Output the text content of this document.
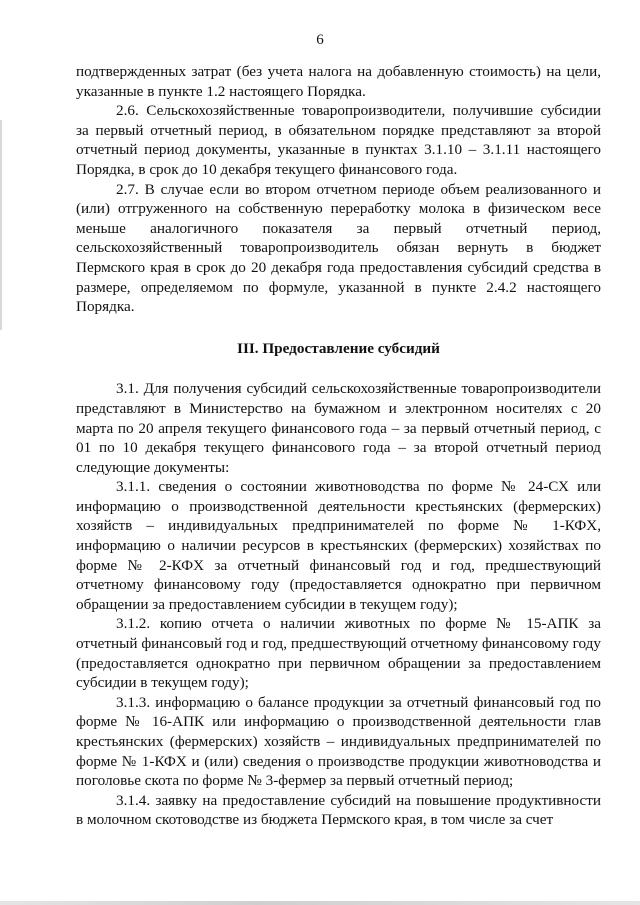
6

подтвержденных затрат (без учета налога на добавленную стоимость) на цели, указанные в пункте 1.2 настоящего Порядка.

2.6. Сельскохозяйственные товаропроизводители, получившие субсидии за первый отчетный период, в обязательном порядке представляют за второй отчетный период документы, указанные в пунктах 3.1.10 – 3.1.11 настоящего Порядка, в срок до 10 декабря текущего финансового года.

2.7. В случае если во втором отчетном периоде объем реализованного и (или) отгруженного на собственную переработку молока в физическом весе меньше аналогичного показателя за первый отчетный период, сельскохозяйственный товаропроизводитель обязан вернуть в бюджет Пермского края в срок до 20 декабря года предоставления субсидий средства в размере, определяемом по формуле, указанной в пункте 2.4.2 настоящего Порядка.

III. Предоставление субсидий

3.1. Для получения субсидий сельскохозяйственные товаропроизводители представляют в Министерство на бумажном и электронном носителях с 20 марта по 20 апреля текущего финансового года – за первый отчетный период, с 01 по 10 декабря текущего финансового года – за второй отчетный период следующие документы:

3.1.1. сведения о состоянии животноводства по форме № 24-СХ или информацию о производственной деятельности крестьянских (фермерских) хозяйств – индивидуальных предпринимателей по форме № 1-КФХ, информацию о наличии ресурсов в крестьянских (фермерских) хозяйствах по форме № 2-КФХ за отчетный финансовый год и год, предшествующий отчетному финансовому году (предоставляется однократно при первичном обращении за предоставлением субсидии в текущем году);

3.1.2. копию отчета о наличии животных по форме № 15-АПК за отчетный финансовый год и год, предшествующий отчетному финансовому году (предоставляется однократно при первичном обращении за предоставлением субсидии в текущем году);

3.1.3. информацию о балансе продукции за отчетный финансовый год по форме № 16-АПК или информацию о производственной деятельности глав крестьянских (фермерских) хозяйств – индивидуальных предпринимателей по форме № 1-КФХ и (или) сведения о производстве продукции животноводства и поголовье скота по форме № 3-фермер за первый отчетный период;

3.1.4. заявку на предоставление субсидий на повышение продуктивности в молочном скотоводстве из бюджета Пермского края, в том числе за счет
